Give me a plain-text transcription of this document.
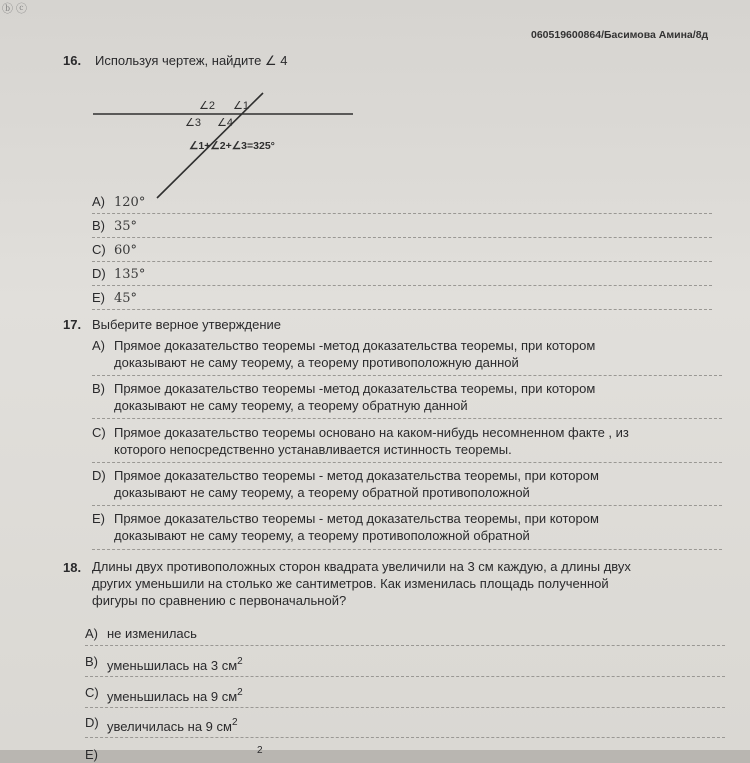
ⓑ ⓒ
060519600864/Басимова Амина/8д
16. Используя чертеж, найдите ∠ 4
∠2 ∠1
∠3 ∠4
∠1+∠2+∠3=325°
A) 120°
B) 35°
C) 60°
D) 135°
E) 45°
17. Выберите верное утверждение
A) Прямое доказательство теоремы -метод доказательства теоремы, при котором
доказывают не саму теорему, а теорему противоположную данной
B) Прямое доказательство теоремы -метод доказательства теоремы, при котором
доказывают не саму теорему, а теорему обратную данной
C) Прямое доказательство теоремы основано на каком-нибудь несомненном факте , из
которого непосредственно устанавливается истинность теоремы.
D) Прямое доказательство теоремы - метод доказательства теоремы, при котором
доказывают не саму теорему, а теорему обратной противоположной
E) Прямое доказательство теоремы - метод доказательства теоремы, при котором
доказывают не саму теорему, а теорему противоположной обратной
18. Длины двух противоположных сторон квадрата увеличили на 3 см каждую, а длины двух
других уменьшили на столько же сантиметров. Как изменилась площадь полученной
фигуры по сравнению с первоначальной?
A) не изменилась
B) уменьшилась на 3 $см^2$
C) уменьшилась на 9 $см^2$
D) увеличилась на 9 $см^2$
E)	$^2$
